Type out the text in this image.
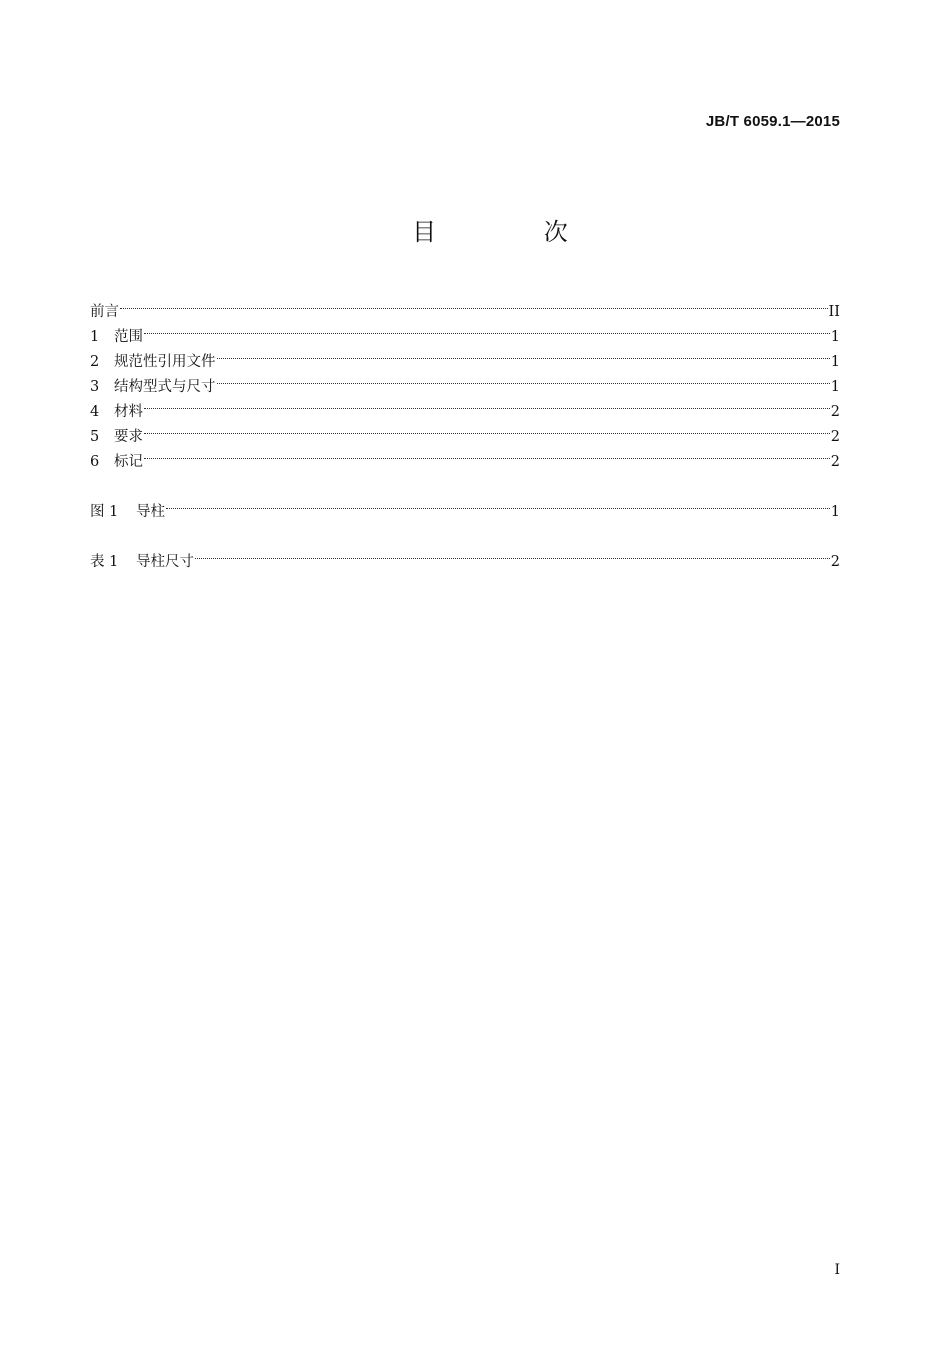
JB/T 6059.1—2015
目 次
前言	II
1	范围	1
2	规范性引用文件	1
3	结构型式与尺寸	1
4	材料	2
5	要求	2
6	标记	2
图 1	导柱	1
表 1	导柱尺寸	2
I
